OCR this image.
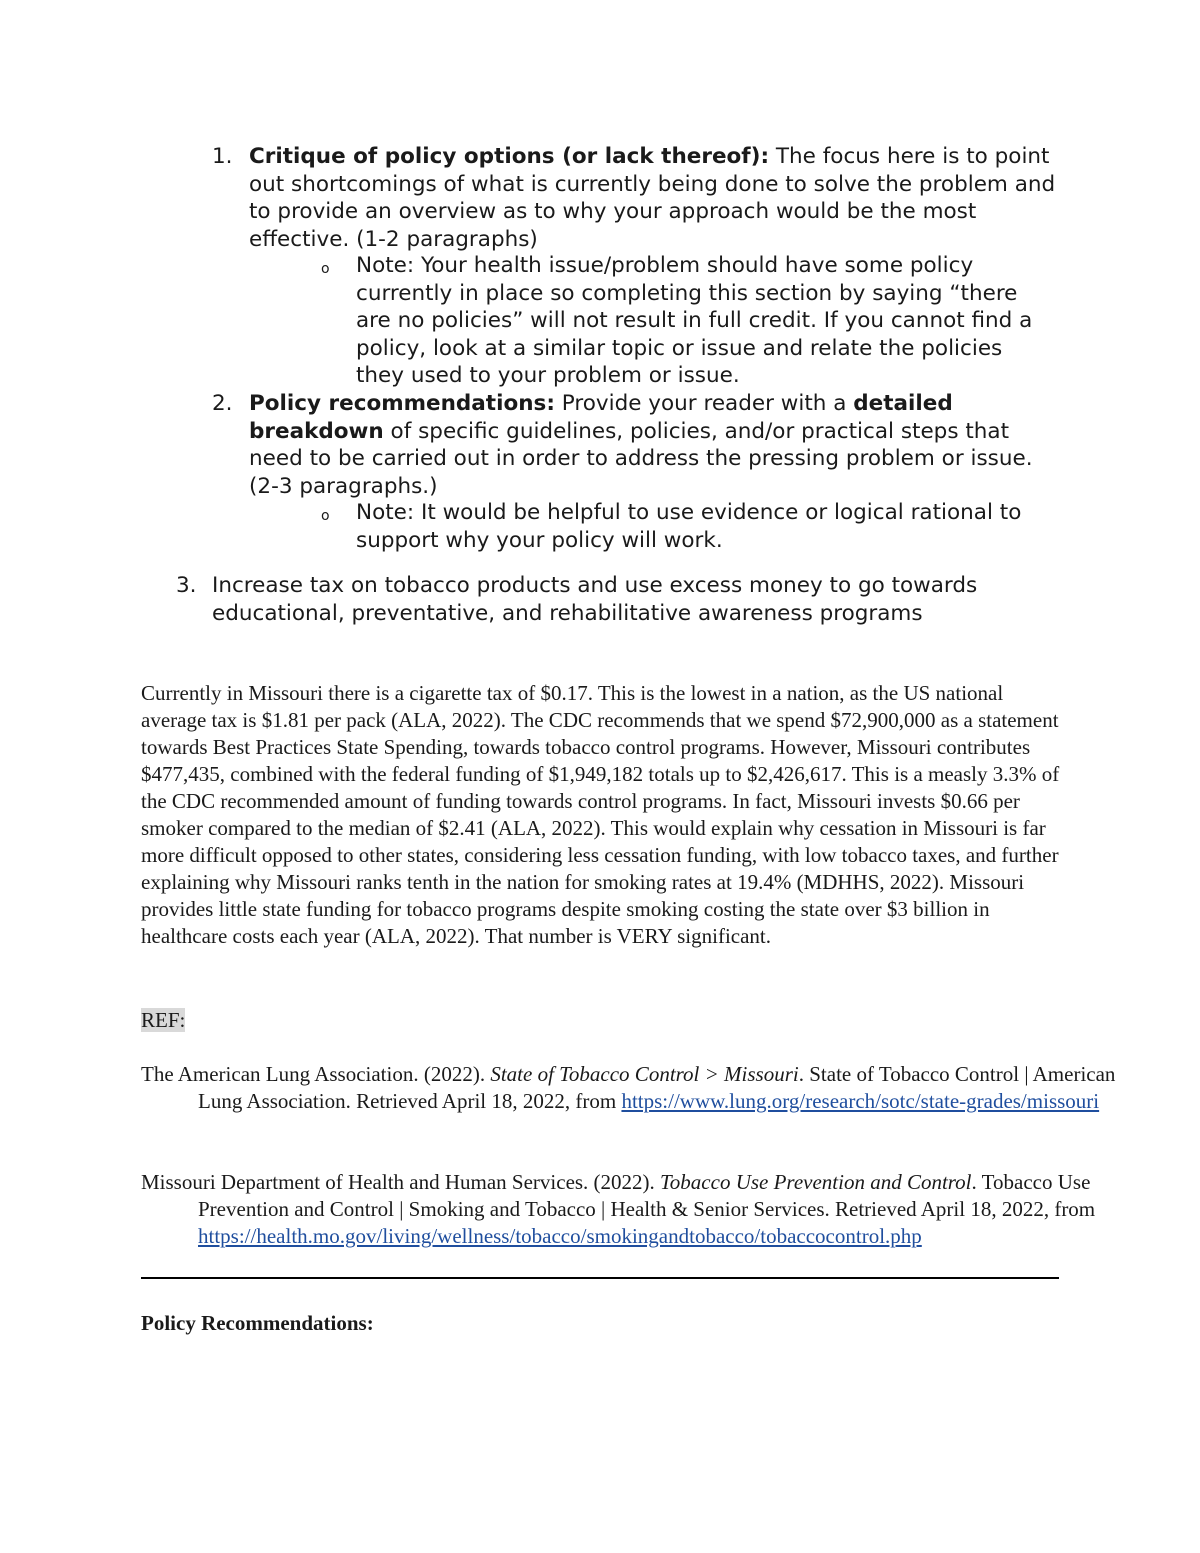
1. Critique of policy options (or lack thereof): The focus here is to point out shortcomings of what is currently being done to solve the problem and to provide an overview as to why your approach would be the most effective. (1-2 paragraphs)
o Note: Your health issue/problem should have some policy currently in place so completing this section by saying “there are no policies” will not result in full credit. If you cannot find a policy, look at a similar topic or issue and relate the policies they used to your problem or issue.
2. Policy recommendations: Provide your reader with a detailed breakdown of specific guidelines, policies, and/or practical steps that need to be carried out in order to address the pressing problem or issue. (2-3 paragraphs.)
o Note: It would be helpful to use evidence or logical rational to support why your policy will work.
3. Increase tax on tobacco products and use excess money to go towards educational, preventative, and rehabilitative awareness programs
Currently in Missouri there is a cigarette tax of $0.17. This is the lowest in a nation, as the US national average tax is $1.81 per pack (ALA, 2022). The CDC recommends that we spend $72,900,000 as a statement towards Best Practices State Spending, towards tobacco control programs. However, Missouri contributes $477,435, combined with the federal funding of $1,949,182 totals up to $2,426,617. This is a measly 3.3% of the CDC recommended amount of funding towards control programs. In fact, Missouri invests $0.66 per smoker compared to the median of $2.41 (ALA, 2022). This would explain why cessation in Missouri is far more difficult opposed to other states, considering less cessation funding, with low tobacco taxes, and further explaining why Missouri ranks tenth in the nation for smoking rates at 19.4% (MDHHS, 2022). Missouri provides little state funding for tobacco programs despite smoking costing the state over $3 billion in healthcare costs each year (ALA, 2022). That number is VERY significant.
REF:
The American Lung Association. (2022). State of Tobacco Control > Missouri. State of Tobacco Control | American Lung Association. Retrieved April 18, 2022, from https://www.lung.org/research/sotc/state-grades/missouri
Missouri Department of Health and Human Services. (2022). Tobacco Use Prevention and Control. Tobacco Use Prevention and Control | Smoking and Tobacco | Health & Senior Services. Retrieved April 18, 2022, from https://health.mo.gov/living/wellness/tobacco/smokingandtobacco/tobaccocontrol.php
Policy Recommendations:
